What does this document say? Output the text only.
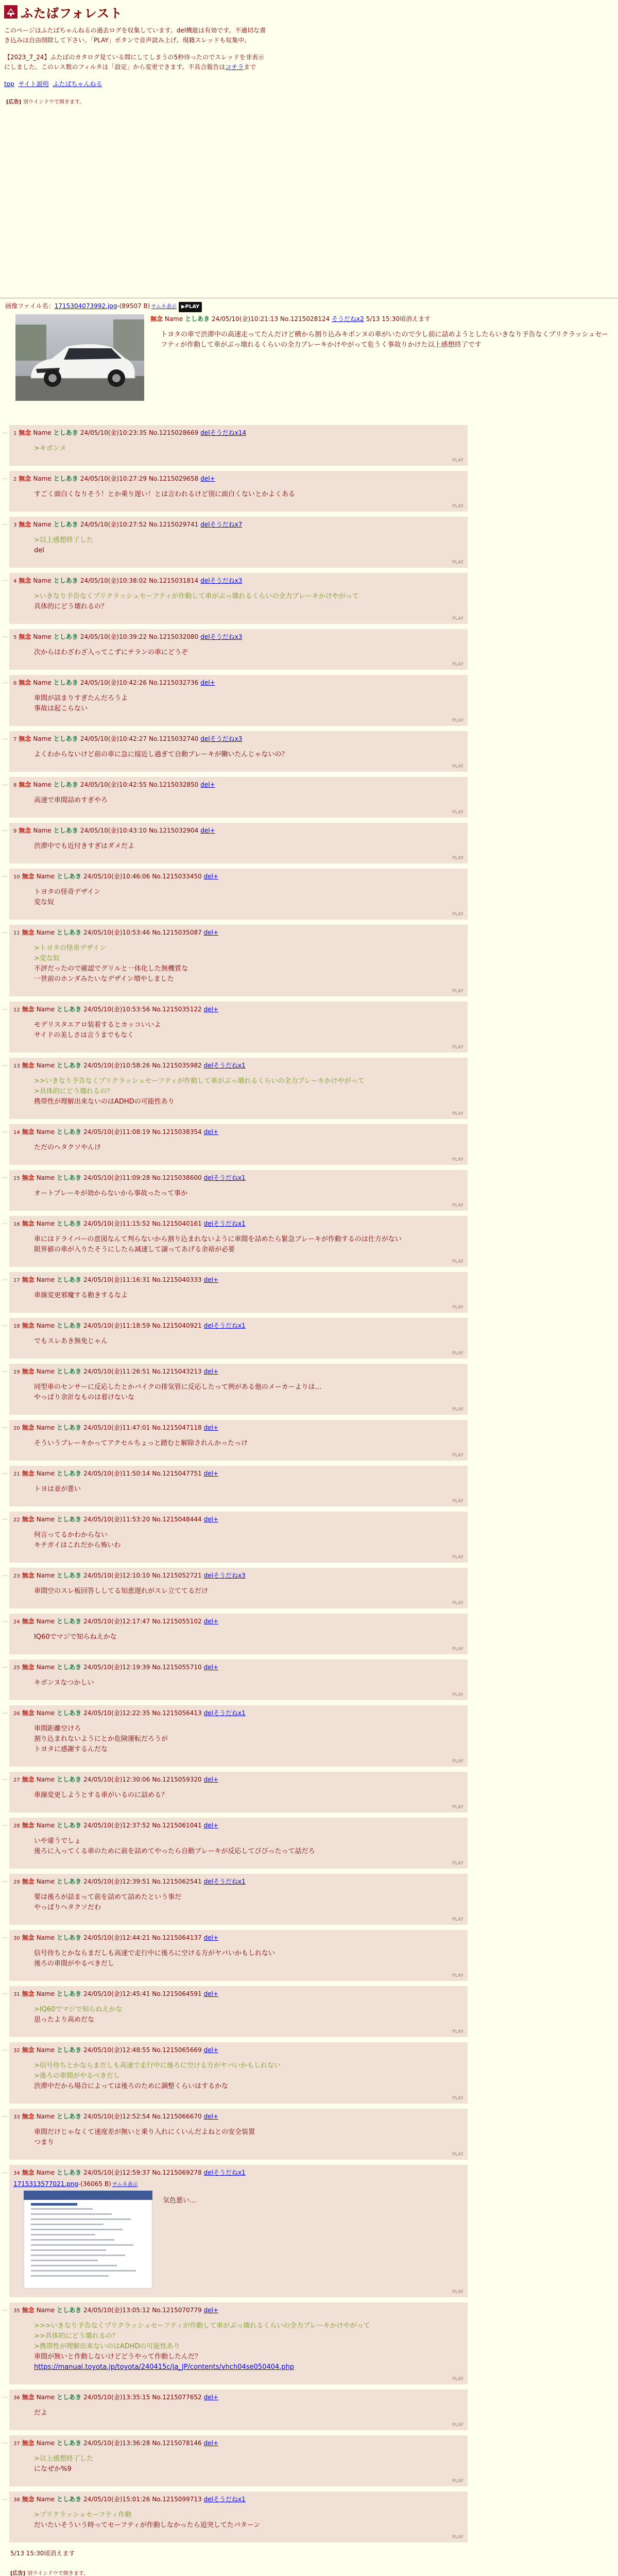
ふたばフォレスト

このページはふたばちゃんねるの過去ログを収集しています。del機能は有効です。不適切な書き込みは自由削除して下さい。「PLAY」ボタンで音声読み上げ。現籍スレッドも収集中。

【2023_7_24】ふたばのカタログ見ている間にしてしまうの5秒待ったのでスレッドを非表示にしました。このレス数のフィルタは「設定」から変更できます。不具合報告はコチラまで

top サイト説明 ふたばちゃんねる
[広告] 別ウインドウで開きます。
画像ファイル名：1715304073992.jpg-(89507 B) サムネ表示 ▶PLAY
無念 Name としあき 24/05/10(金)10:21:13 No.1215028124 そうだねx2 5/13 15:30頃消えます
トヨタの車で渋滞中の高速走ってたんだけど横から割り込みキボンヌの車がいたので少し前に詰めようとしたらいきなり予告なくプリクラッシュセーフティが作動して車がぶっ壊れるくらいの全力ブレーキかけやがって危うく事故りかけた以上感想終了です
…	1 無念 Name としあき 24/05/10(金)10:23:35 No.1215028669 delそうだねx14
>キボンヌ
PLAY
…	2 無念 Name としあき 24/05/10(金)10:27:29 No.1215029658 del+
すごく面白くなりそう！とか乗り遅い！とは言われるけど別に面白くないとかよくある
PLAY
…	3 無念 Name としあき 24/05/10(金)10:27:52 No.1215029741 delそうだねx7
>以上感想終了した
del
PLAY
…	4 無念 Name としあき 24/05/10(金)10:38:02 No.1215031814 delそうだねx3
>いきなり予告なくプリクラッシュセーフティが作動して車がぶっ壊れるくらいの全力ブレーキかけやがって
具体的にどう壊れるの？
PLAY
…	5 無念 Name としあき 24/05/10(金)10:39:22 No.1215032080 delそうだねx3
次からはわざわざ入ってこずにチランの車にどうぞ
PLAY
…	6 無念 Name としあき 24/05/10(金)10:42:26 No.1215032736 del+
車間が詰まりすぎたんだろうよ
事故は起こらない
PLAY
…	7 無念 Name としあき 24/05/10(金)10:42:27 No.1215032740 delそうだねx3
よくわからないけど前の車に急に接近し過ぎて自動ブレーキが働いたんじゃないの？
PLAY
…	8 無念 Name としあき 24/05/10(金)10:42:55 No.1215032850 del+
高速で車間詰めすぎやろ
PLAY
…	9 無念 Name としあき 24/05/10(金)10:43:10 No.1215032904 del+
渋滞中でも近付きすぎはダメだよ
PLAY
…	10 無念 Name としあき 24/05/10(金)10:46:06 No.1215033450 del+
トヨタの怪奇デザイン
変な奴
PLAY
…	11 無念 Name としあき 24/05/10(金)10:53:46 No.1215035087 del+
>トヨタの怪奇デザイン
>変な奴
不評だったので確認でグリルと一体化した無機質な
一世前のホンダみたいなデザイン増やしました
PLAY
…	12 無念 Name としあき 24/05/10(金)10:53:56 No.1215035122 del+
モデリスタエアロ装着するとカッコいいよ
サイドの美しさは言うまでもなく
PLAY
…	13 無念 Name としあき 24/05/10(金)10:58:26 No.1215035982 delそうだねx1
>>いきなり予告なくプリクラッシュセーフティが作動して車がぶっ壊れるくらいの全力ブレーキかけやがって
>具体的にどう壊れるの？
携帯性が理解出来ないのはADHDの可能性あり
PLAY
…	14 無念 Name としあき 24/05/10(金)11:08:19 No.1215038354 del+
ただのヘタクソやんけ
PLAY
…	15 無念 Name としあき 24/05/10(金)11:09:28 No.1215038600 delそうだねx1
オートブレーキが効からないから事故ったって事か
PLAY
…	16 無念 Name としあき 24/05/10(金)11:15:52 No.1215040161 delそうだねx1
車にはドライバーの意図なんて判らないから割り込まれないように車間を詰めたら緊急ブレーキが作動するのは仕方がない
限界値の車が入りたそうにしたら減速して譲ってあげる余裕が必要
PLAY
…	17 無念 Name としあき 24/05/10(金)11:16:31 No.1215040333 del+
車線変更邪魔する動きするなよ
PLAY
…	18 無念 Name としあき 24/05/10(金)11:18:59 No.1215040921 delそうだねx1
でもスレあき無免じゃん
PLAY
…	19 無念 Name としあき 24/05/10(金)11:26:51 No.1215043213 del+
同型車のセンサーに反応したとかバイクの排気管に反応したって例がある他のメーカーよりは…
やっぱり余計なものは着けないな
PLAY
…	20 無念 Name としあき 24/05/10(金)11:47:01 No.1215047118 del+
そういうブレーキかってアクセルちょっと踏むと解除されんかったっけ
PLAY
…	21 無念 Name としあき 24/05/10(金)11:50:14 No.1215047751 del+
トヨは並が悪い
PLAY
…	22 無念 Name としあき 24/05/10(金)11:53:20 No.1215048444 del+
何言ってるかわからない
キチガイはこれだから怖いわ
PLAY
…	23 無念 Name としあき 24/05/10(金)12:10:10 No.1215052721 delそうだねx3
車間空のスレ板回答ししてる知恵遅れがスレ立ててるだけ
PLAY
…	24 無念 Name としあき 24/05/10(金)12:17:47 No.1215055102 del+
IQ60でマジで知らねえかな
PLAY
…	25 無念 Name としあき 24/05/10(金)12:19:39 No.1215055710 del+
キボンヌなつかしい
PLAY
…	26 無念 Name としあき 24/05/10(金)12:22:35 No.1215056413 delそうだねx1
車間距離空けろ
割り込まれないようにとか危険運転だろうが
トヨタに感謝するんだな
PLAY
…	27 無念 Name としあき 24/05/10(金)12:30:06 No.1215059320 del+
車線変更しようとする車がいるのに詰める？
PLAY
…	28 無念 Name としあき 24/05/10(金)12:37:52 No.1215061041 del+
いや違うでしょ
後ろに入ってくる車のために前を詰めてやったら自動ブレーキが反応してびびったって話だろ
PLAY
…	29 無念 Name としあき 24/05/10(金)12:39:51 No.1215062541 delそうだねx1
要は後ろが詰まって前を詰めて詰めたという事だ
やっぱりヘタクソだわ
PLAY
…	30 無念 Name としあき 24/05/10(金)12:44:21 No.1215064137 del+
信号待ちとかならまだしも高速で走行中に後ろに空ける方がヤバいかもしれない
後ろの車間がやるべきだし
PLAY
…	31 無念 Name としあき 24/05/10(金)12:45:41 No.1215064591 del+
>IQ60でマジで知らねえかな
思ったより高めだな
PLAY
…	32 無念 Name としあき 24/05/10(金)12:48:55 No.1215065669 del+
>信号待ちとかならまだしも高速で走行中に後ろに空ける方がヤバいかもしれない
>後ろの車間がやるべきだし
渋滞中だから場合によっては後ろのために調整くらいはするかな
PLAY
…	33 無念 Name としあき 24/05/10(金)12:52:54 No.1215066670 del+
車間だけじゃなくて速度差が無いと乗り入れにくいんだよねとの安全装置
つまり
PLAY
…	34 無念 Name としあき 24/05/10(金)12:59:37 No.1215069278 delそうだねx1
1715313577021.png-(36065 B) サムネ表示
気色悪い…
PLAY
…	35 無念 Name としあき 24/05/10(金)13:05:12 No.1215070779 del+
>>>いきなり予告なくプリクラッシュセーフティが作動して車がぶっ壊れるくらいの全力ブレーキかけやがって
>>具体的にどう壊れるの？
>携帯性が理解出来ないのはADHDの可能性あり
車間が無いと作動しないけどどうやって作動したんだ？
https://manual.toyota.jp/toyota/240415c/ja_JP/contents/vhch04se050404.php
PLAY
…	36 無念 Name としあき 24/05/10(金)13:35:15 No.1215077652 del+
だよ
PLAY
…	37 無念 Name としあき 24/05/10(金)13:36:28 No.1215078146 del+
>以上感想終了した
になぜか%9
PLAY
…	38 無念 Name としあき 24/05/10(金)15:01:26 No.1215099713 delそうだねx1
>プリクラッシュセーフティ作動
だいたいそういう時ってセーフティが作動しなかったら追突してたパターン
PLAY
5/13 15:30頃消えます
[広告] 別ウインドウで開きます。
